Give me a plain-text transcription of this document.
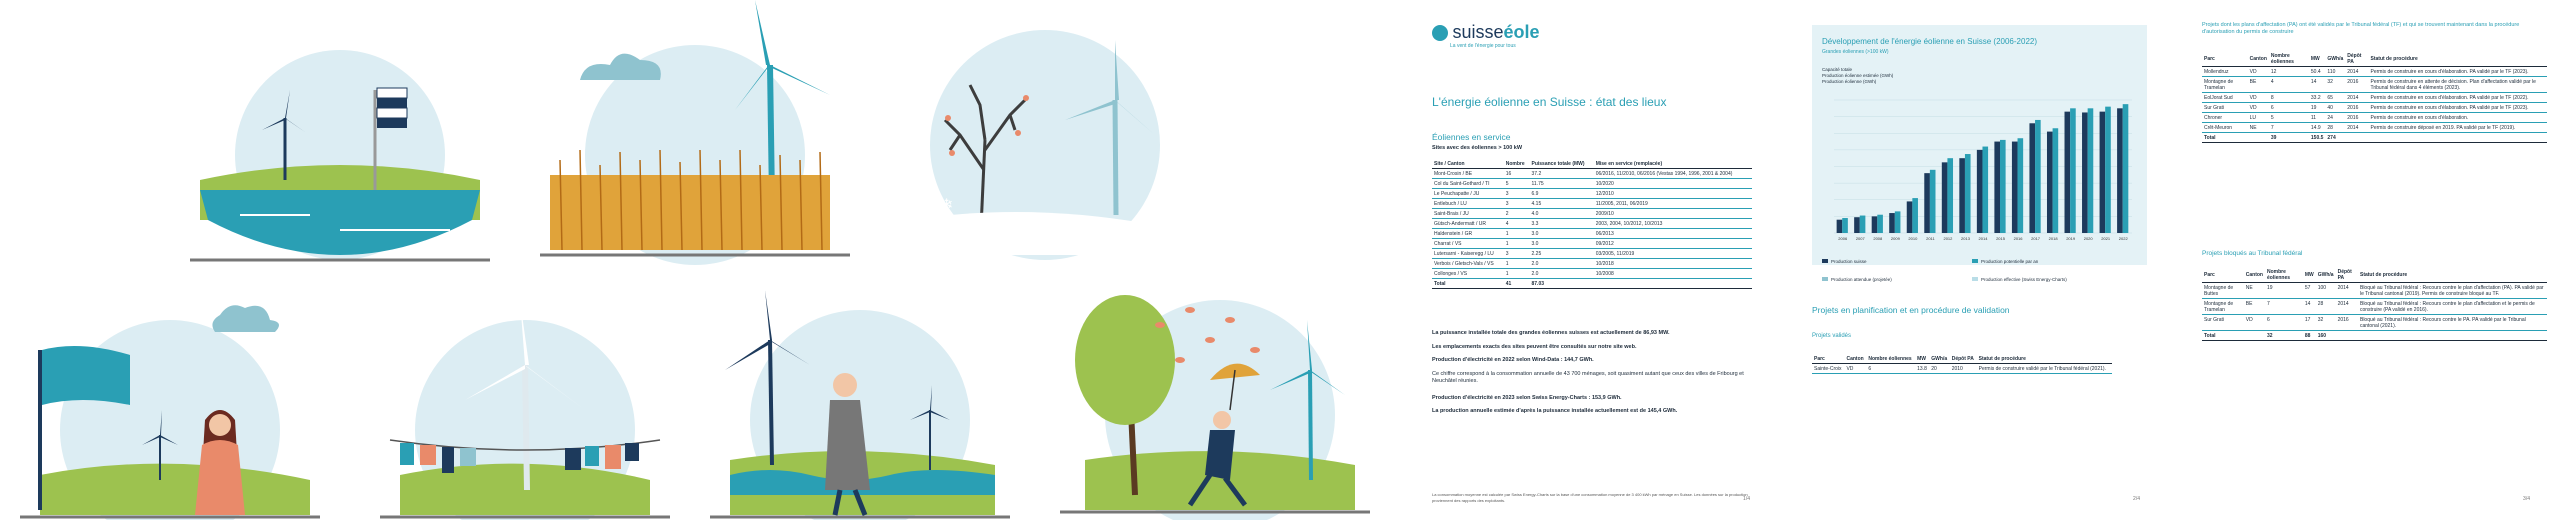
❄
❄
suisseéole
La vent de l'énergie pour tous
L'énergie éolienne en Suisse : état des lieux
Éoliennes en service
Sites avec des éoliennes > 100 kW
Site / Canton	Nombre	Puissance totale (MW)	Mise en service (remplacée)
Mont-Crosin / BE	16	37.2	06/2016, 11/2010, 06/2016 (Vestas 1994, 1996, 2001 & 2004)
Col du Saint-Gothard / TI	5	11.75	10/2020
Le Peuchapatte / JU	3	6.9	12/2010
Entlebuch / LU	3	4.15	11/2005, 2011, 06/2019
Saint-Brais / JU	2	4.0	2009/10
Gütsch-Andermatt / UR	4	3.3	2003, 2004, 10/2012, 10/2013
Haldenstein / GR	1	3.0	06/2013
Charrat / VS	1	3.0	09/2012
Lutersarni - Kaiseregg / LU	3	2.25	03/2005, 11/2019
Verbois / Gletsch-Vals / VS	1	2.0	10/2018
Collonges / VS	1	2.0	10/2008
Total	41	87.03	
La puissance installée totale des grandes éoliennes suisses est actuellement de 86,93 MW.
Les emplacements exacts des sites peuvent être consultés sur notre site web.
Production d'électricité en 2022 selon Wind-Data : 144,7 GWh.
Ce chiffre correspond à la consommation annuelle de 43 700 ménages, soit quasiment autant que ceux des villes de Fribourg et Neuchâtel réunies.
Production d'électricité en 2023 selon Swiss Energy-Charts : 153,9 GWh.
La production annuelle estimée d'après la puissance installée actuellement est de 145,4 GWh.
La consommation moyenne est calculée par Swiss Energy-Charts sur la base d'une consommation moyenne de 3 400 kWh par ménage en Suisse. Les données sur la production proviennent des rapports des exploitants.	1/4
Développement de l'énergie éolienne en Suisse (2006-2022)
Grandes éoliennes (>100 kW)
Capacité totale
Production éolienne estimée (GWh)
Production éolienne (GWh)
2006 2007 2008 2009 2010 2011 2012 2013 2014 2015 2016 2017 2018 2019 2020 2021 2022
Production suisse	Production potentielle par anProduction attendue (projetée)	Production effective (Swiss Energy-Charts)
Projets en planification et en procédure de validation
Projets validés
Parc	Canton	Nombre éoliennes	MW	GWh/a	Dépôt PA	Statut de procédure
Sainte-Croix	VD	6	13.8	20	2010	Permis de construire validé par le Tribunal fédéral (2021).
2/4
Projets dont les plans d'affectation (PA) ont été validés par le Tribunal fédéral (TF) et qui se trouvent maintenant dans la procédure d'autorisation du permis de construire
Parc	Canton	Nombre éoliennes	MW	GWh/a	Dépôt PA	Statut de procédure
Mollendruz	VD	12	50.4	110	2014	Permis de construire en cours d'élaboration. PA validé par le TF (2023).
Montagne de Tramelan	BE	4	14	32	2016	Permis de construire en attente de décision. Plan d'affectation validé par le Tribunal fédéral dans 4 éléments (2023).
EolJorat Sud	VD	8	33.2	65	2014	Permis de construire en cours d'élaboration. PA validé par le TF (2022).
Sur Grati	VD	6	19	40	2016	Permis de construire en cours d'élaboration. PA validé par le TF (2023).
Chroner	LU	5	11	24	2016	Permis de construire en cours d'élaboration.
Crêt-Meuron	NE	7	14.9	28	2014	Permis de construire déposé en 2019. PA validé par le TF (2019).
Total		39	150.5	274		
Projets bloqués au Tribunal fédéral
Parc	Canton	Nombre éoliennes	MW	GWh/a	Dépôt PA	Statut de procédure
Montagne de Buttes	NE	19	57	100	2014	Bloqué au Tribunal fédéral : Recours contre le plan d'affectation (PA). PA validé par le Tribunal cantonal (2019). Permis de construire bloqué au TF.
Montagne de Tramelan	BE	7	14	28	2014	Bloqué au Tribunal fédéral : Recours contre le plan d'affectation et le permis de construire (PA validé en 2016).
Sur Grati	VD	6	17	32	2016	Bloqué au Tribunal fédéral : Recours contre le PA. PA validé par le Tribunal cantonal (2021).
Total		32	88	160		
3/4
